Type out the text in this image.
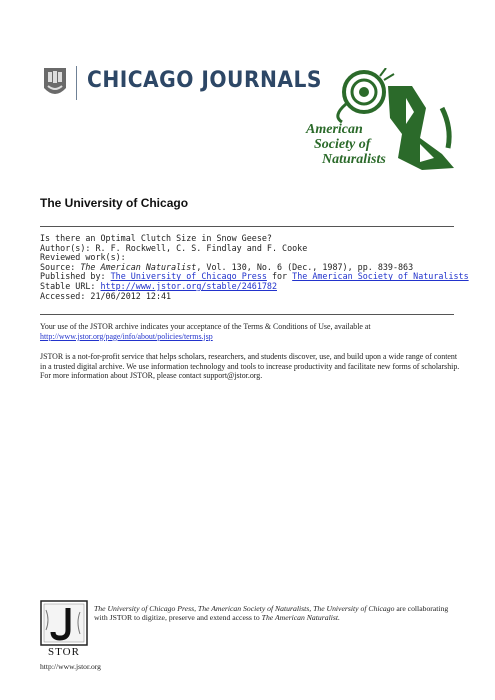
CHICAGO JOURNALS
American
Society of
Naturalists
The University of Chicago
Is there an Optimal Clutch Size in Snow Geese?
Author(s): R. F. Rockwell, C. S. Findlay and F. Cooke
Reviewed work(s):
Source: The American Naturalist, Vol. 130, No. 6 (Dec., 1987), pp. 839-863
Published by: The University of Chicago Press for The American Society of Naturalists
Stable URL: http://www.jstor.org/stable/2461782
Accessed: 21/06/2012 12:41
Your use of the JSTOR archive indicates your acceptance of the Terms & Conditions of Use, available at
http://www.jstor.org/page/info/about/policies/terms.jsp
JSTOR is a not-for-profit service that helps scholars, researchers, and students discover, use, and build upon a wide range of content in a trusted digital archive. We use information technology and tools to increase productivity and facilitate new forms of scholarship. For more information about JSTOR, please contact support@jstor.org.
STOR
The University of Chicago Press, The American Society of Naturalists, The University of Chicago are collaborating with JSTOR to digitize, preserve and extend access to The American Naturalist.
http://www.jstor.org
